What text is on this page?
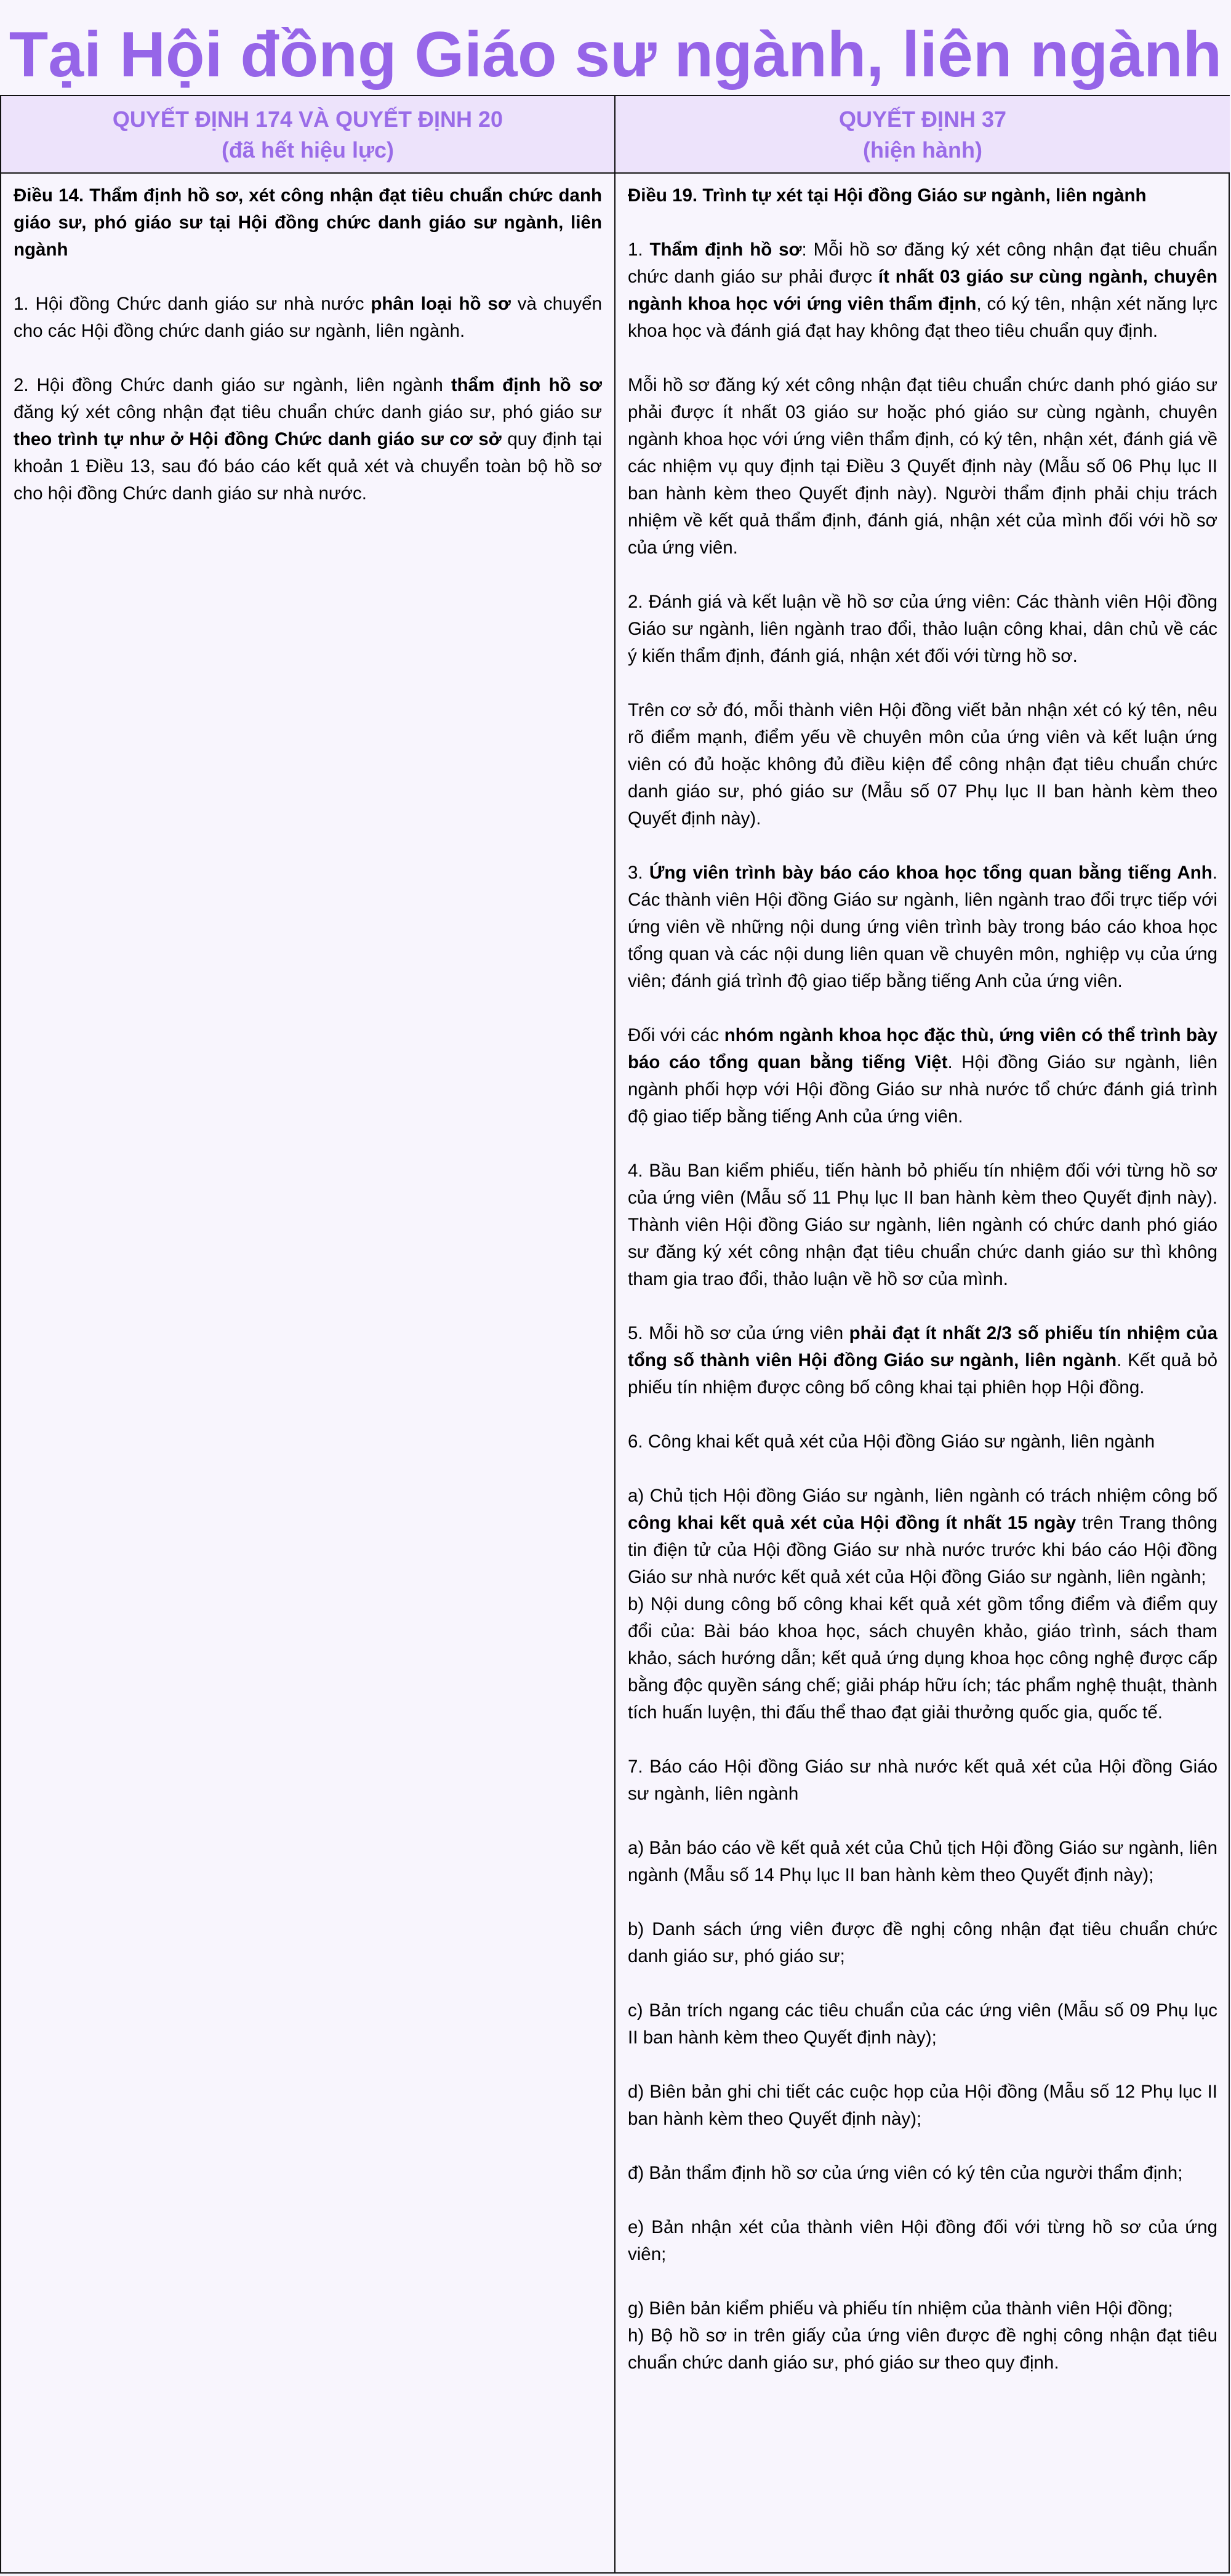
Tại Hội đồng Giáo sư ngành, liên ngành
QUYẾT ĐỊNH 174 VÀ QUYẾT ĐỊNH 20
(đã hết hiệu lực)
QUYẾT ĐỊNH 37
(hiện hành)

Điều 14. Thẩm định hồ sơ, xét công nhận đạt tiêu chuẩn chức danh giáo sư, phó giáo sư tại Hội đồng chức danh giáo sư ngành, liên ngành

1. Hội đồng Chức danh giáo sư nhà nước phân loại hồ sơ và chuyển cho các Hội đồng chức danh giáo sư ngành, liên ngành.

2. Hội đồng Chức danh giáo sư ngành, liên ngành thẩm định hồ sơ đăng ký xét công nhận đạt tiêu chuẩn chức danh giáo sư, phó giáo sư theo trình tự như ở Hội đồng Chức danh giáo sư cơ sở quy định tại khoản 1 Điều 13, sau đó báo cáo kết quả xét và chuyển toàn bộ hồ sơ cho hội đồng Chức danh giáo sư nhà nước.

Điều 19. Trình tự xét tại Hội đồng Giáo sư ngành, liên ngành

1. Thẩm định hồ sơ: Mỗi hồ sơ đăng ký xét công nhận đạt tiêu chuẩn chức danh giáo sư phải được ít nhất 03 giáo sư cùng ngành, chuyên ngành khoa học với ứng viên thẩm định, có ký tên, nhận xét năng lực khoa học và đánh giá đạt hay không đạt theo tiêu chuẩn quy định.

Mỗi hồ sơ đăng ký xét công nhận đạt tiêu chuẩn chức danh phó giáo sư phải được ít nhất 03 giáo sư hoặc phó giáo sư cùng ngành, chuyên ngành khoa học với ứng viên thẩm định, có ký tên, nhận xét, đánh giá về các nhiệm vụ quy định tại Điều 3 Quyết định này (Mẫu số 06 Phụ lục II ban hành kèm theo Quyết định này). Người thẩm định phải chịu trách nhiệm về kết quả thẩm định, đánh giá, nhận xét của mình đối với hồ sơ của ứng viên.

2. Đánh giá và kết luận về hồ sơ của ứng viên: Các thành viên Hội đồng Giáo sư ngành, liên ngành trao đổi, thảo luận công khai, dân chủ về các ý kiến thẩm định, đánh giá, nhận xét đối với từng hồ sơ.

Trên cơ sở đó, mỗi thành viên Hội đồng viết bản nhận xét có ký tên, nêu rõ điểm mạnh, điểm yếu về chuyên môn của ứng viên và kết luận ứng viên có đủ hoặc không đủ điều kiện để công nhận đạt tiêu chuẩn chức danh giáo sư, phó giáo sư (Mẫu số 07 Phụ lục II ban hành kèm theo Quyết định này).

3. Ứng viên trình bày báo cáo khoa học tổng quan bằng tiếng Anh. Các thành viên Hội đồng Giáo sư ngành, liên ngành trao đổi trực tiếp với ứng viên về những nội dung ứng viên trình bày trong báo cáo khoa học tổng quan và các nội dung liên quan về chuyên môn, nghiệp vụ của ứng viên; đánh giá trình độ giao tiếp bằng tiếng Anh của ứng viên.

Đối với các nhóm ngành khoa học đặc thù, ứng viên có thể trình bày báo cáo tổng quan bằng tiếng Việt. Hội đồng Giáo sư ngành, liên ngành phối hợp với Hội đồng Giáo sư nhà nước tổ chức đánh giá trình độ giao tiếp bằng tiếng Anh của ứng viên.

4. Bầu Ban kiểm phiếu, tiến hành bỏ phiếu tín nhiệm đối với từng hồ sơ của ứng viên (Mẫu số 11 Phụ lục II ban hành kèm theo Quyết định này). Thành viên Hội đồng Giáo sư ngành, liên ngành có chức danh phó giáo sư đăng ký xét công nhận đạt tiêu chuẩn chức danh giáo sư thì không tham gia trao đổi, thảo luận về hồ sơ của mình.

5. Mỗi hồ sơ của ứng viên phải đạt ít nhất 2/3 số phiếu tín nhiệm của tổng số thành viên Hội đồng Giáo sư ngành, liên ngành. Kết quả bỏ phiếu tín nhiệm được công bố công khai tại phiên họp Hội đồng.

6. Công khai kết quả xét của Hội đồng Giáo sư ngành, liên ngành

a) Chủ tịch Hội đồng Giáo sư ngành, liên ngành có trách nhiệm công bố công khai kết quả xét của Hội đồng ít nhất 15 ngày trên Trang thông tin điện tử của Hội đồng Giáo sư nhà nước trước khi báo cáo Hội đồng Giáo sư nhà nước kết quả xét của Hội đồng Giáo sư ngành, liên ngành;

b) Nội dung công bố công khai kết quả xét gồm tổng điểm và điểm quy đổi của: Bài báo khoa học, sách chuyên khảo, giáo trình, sách tham khảo, sách hướng dẫn; kết quả ứng dụng khoa học công nghệ được cấp bằng độc quyền sáng chế; giải pháp hữu ích; tác phẩm nghệ thuật, thành tích huấn luyện, thi đấu thể thao đạt giải thưởng quốc gia, quốc tế.

7. Báo cáo Hội đồng Giáo sư nhà nước kết quả xét của Hội đồng Giáo sư ngành, liên ngành

a) Bản báo cáo về kết quả xét của Chủ tịch Hội đồng Giáo sư ngành, liên ngành (Mẫu số 14 Phụ lục II ban hành kèm theo Quyết định này);

b) Danh sách ứng viên được đề nghị công nhận đạt tiêu chuẩn chức danh giáo sư, phó giáo sư;

c) Bản trích ngang các tiêu chuẩn của các ứng viên (Mẫu số 09 Phụ lục II ban hành kèm theo Quyết định này);

d) Biên bản ghi chi tiết các cuộc họp của Hội đồng (Mẫu số 12 Phụ lục II ban hành kèm theo Quyết định này);

đ) Bản thẩm định hồ sơ của ứng viên có ký tên của người thẩm định;

e) Bản nhận xét của thành viên Hội đồng đối với từng hồ sơ của ứng viên;

g) Biên bản kiểm phiếu và phiếu tín nhiệm của thành viên Hội đồng;

h) Bộ hồ sơ in trên giấy của ứng viên được đề nghị công nhận đạt tiêu chuẩn chức danh giáo sư, phó giáo sư theo quy định.
